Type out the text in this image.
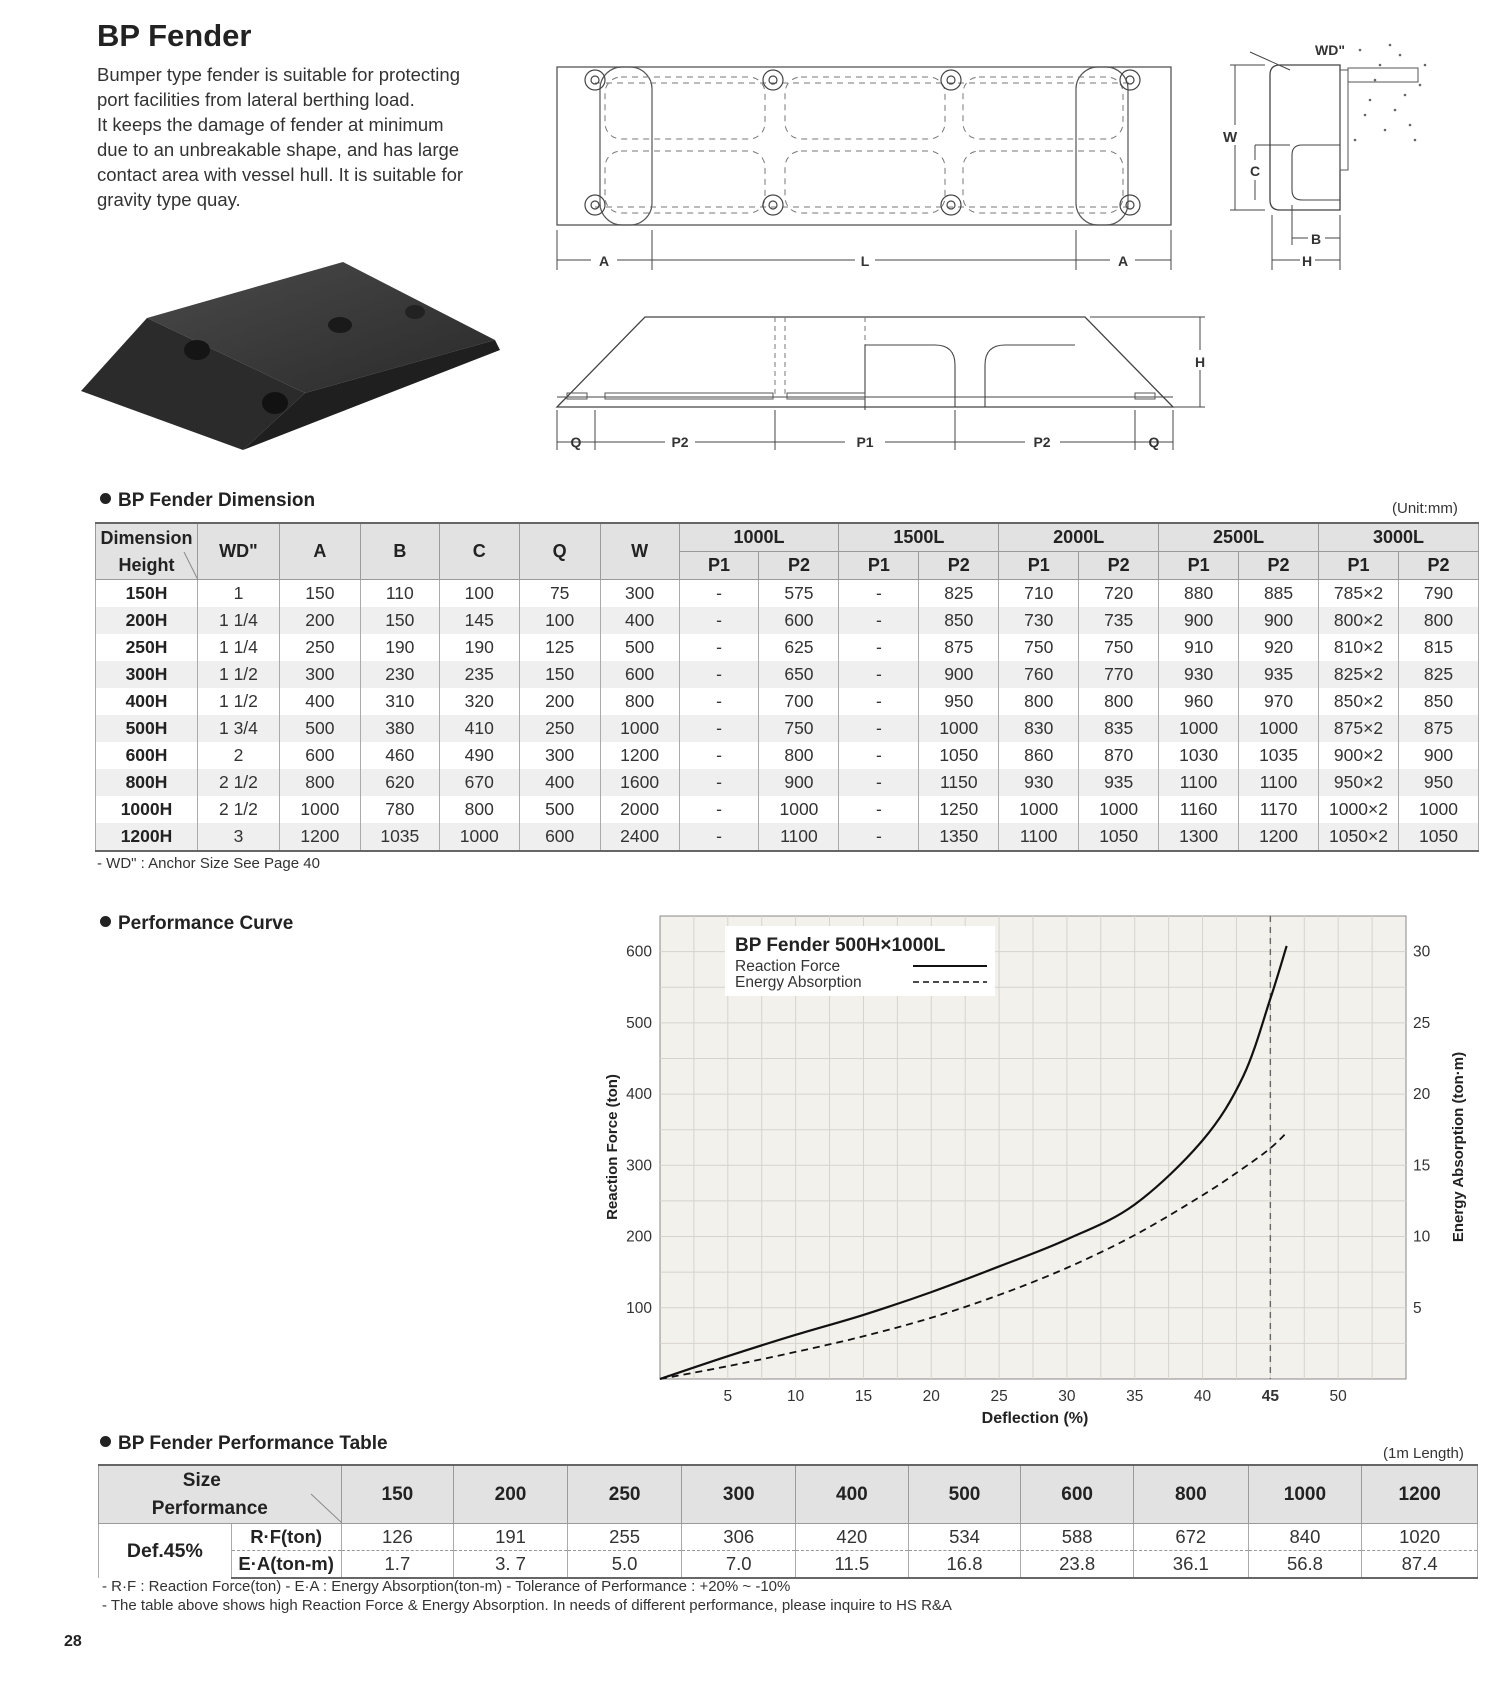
BP Fender
Bumper type fender is suitable for protecting
port facilities from lateral berthing load.
It keeps the damage of fender at minimum
due to an unbreakable shape, and has large
contact area with vessel hull. It is suitable for
gravity type quay.
A	L	A
WD"
W
C
B
H
Q	P2	P1	P2	Q
H
BP Fender Dimension	(Unit:mm)
Dimension
Height	WD"	A	B	C	Q	W	1000L		1500L		2000L		2500L		3000L	
							P1	P2	P1	P2	P1	P2	P1	P2	P1	P2
150H	1	150	110	100	75	300	-	575	-	825	710	720	880	885	785×2	790
200H	1 1/4	200	150	145	100	400	-	600	-	850	730	735	900	900	800×2	800
250H	1 1/4	250	190	190	125	500	-	625	-	875	750	750	910	920	810×2	815
300H	1 1/2	300	230	235	150	600	-	650	-	900	760	770	930	935	825×2	825
400H	1 1/2	400	310	320	200	800	-	700	-	950	800	800	960	970	850×2	850
500H	1 3/4	500	380	410	250	1000	-	750	-	1000	830	835	1000	1000	875×2	875
600H	2	600	460	490	300	1200	-	800	-	1050	860	870	1030	1035	900×2	900
800H	2 1/2	800	620	670	400	1600	-	900	-	1150	930	935	1100	1100	950×2	950
1000H	2 1/2	1000	780	800	500	2000	-	1000	-	1250	1000	1000	1160	1170	1000×2	1000
1200H	3	1200	1035	1000	600	2400	-	1100	-	1350	1100	1050	1300	1200	1050×2	1050
- WD" : Anchor Size See Page 40
Performance Curve
5	10	15	20	25	30	35	40	45	50
100
200
300
400
500
600
5
10
15
20
25
30
BP Fender 500H×1000L
Reaction Force
Energy Absorption
Deflection (%)
Reaction Force (ton)	Energy Absorption (ton·m)
BP Fender Performance Table	(1m Length)
Size
Performance		150	200	250	300	400	500	600	800	1000	1200
Def.45%	R·F(ton)	126	191	255	306	420	534	588	672	840	1020
	E·A(ton-m)	1.7	3. 7	5.0	7.0	11.5	16.8	23.8	36.1	56.8	87.4
- R·F : Reaction Force(ton) - E·A : Energy Absorption(ton-m) - Tolerance of Performance : +20% ~ -10%
- The table above shows high Reaction Force & Energy Absorption. In needs of different performance, please inquire to HS R&A
28
